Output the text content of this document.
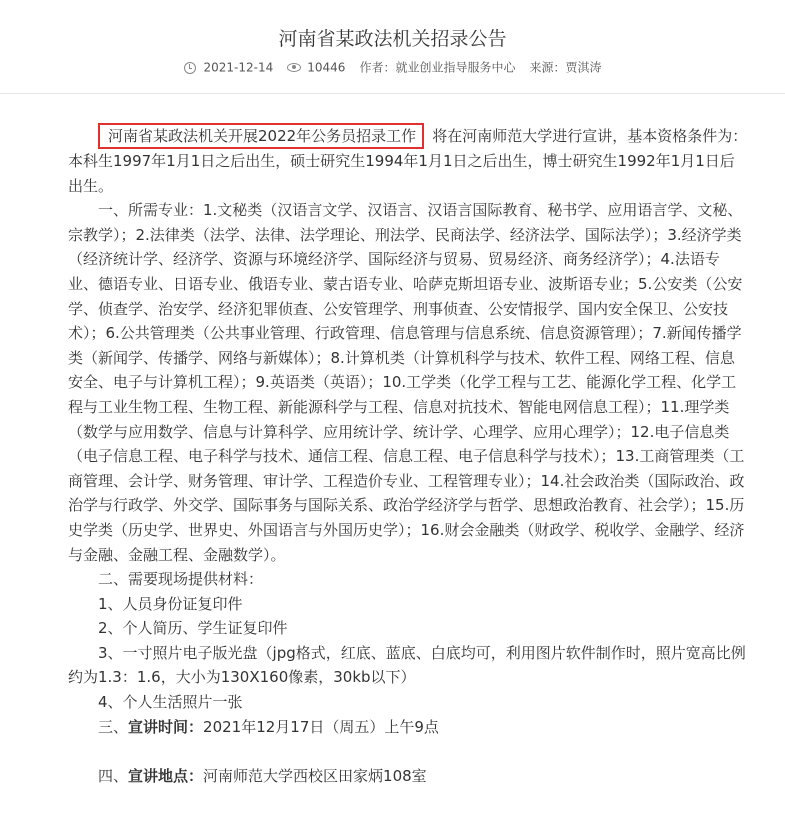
河南省某政法机关招录公告
2021-12-14	10446 作者：就业创业指导服务中心 来源：贾淇涛

河南省某政法机关开展2022年公务员招录工作 将在河南师范大学进行宣讲，基本资格条件为：本科生1997年1月1日之后出生，硕士研究生1994年1月1日之后出生，博士研究生1992年1月1日后出生。

一、所需专业：1.文秘类（汉语言文学、汉语言、汉语言国际教育、秘书学、应用语言学、文秘、宗教学）；2.法律类（法学、法律、法学理论、刑法学、民商法学、经济法学、国际法学）；3.经济学类（经济统计学、经济学、资源与环境经济学、国际经济与贸易、贸易经济、商务经济学）；4.法语专业、德语专业、日语专业、俄语专业、蒙古语专业、哈萨克斯坦语专业、波斯语专业；5.公安类（公安学、侦查学、治安学、经济犯罪侦查、公安管理学、刑事侦查、公安情报学、国内安全保卫、公安技术）；6.公共管理类（公共事业管理、行政管理、信息管理与信息系统、信息资源管理）；7.新闻传播学类（新闻学、传播学、网络与新媒体）；8.计算机类（计算机科学与技术、软件工程、网络工程、信息安全、电子与计算机工程）；9.英语类（英语）；10.工学类（化学工程与工艺、能源化学工程、化学工程与工业生物工程、生物工程、新能源科学与工程、信息对抗技术、智能电网信息工程）；11.理学类（数学与应用数学、信息与计算科学、应用统计学、统计学、心理学、应用心理学）；12.电子信息类（电子信息工程、电子科学与技术、通信工程、信息工程、电子信息科学与技术）；13.工商管理类（工商管理、会计学、财务管理、审计学、工程造价专业、工程管理专业）；14.社会政治类（国际政治、政治学与行政学、外交学、国际事务与国际关系、政治学经济学与哲学、思想政治教育、社会学）；15.历史学类（历史学、世界史、外国语言与外国历史学）；16.财会金融类（财政学、税收学、金融学、经济与金融、金融工程、金融数学）。

二、需要现场提供材料：

1、人员身份证复印件

2、个人简历、学生证复印件

3、一寸照片电子版光盘（jpg格式，红底、蓝底、白底均可，利用图片软件制作时，照片宽高比例约为1.3：1.6，大小为130X160像素，30kb以下）

4、个人生活照片一张

三、宣讲时间：2021年12月17日（周五）上午9点

四、宣讲地点：河南师范大学西校区田家炳108室
